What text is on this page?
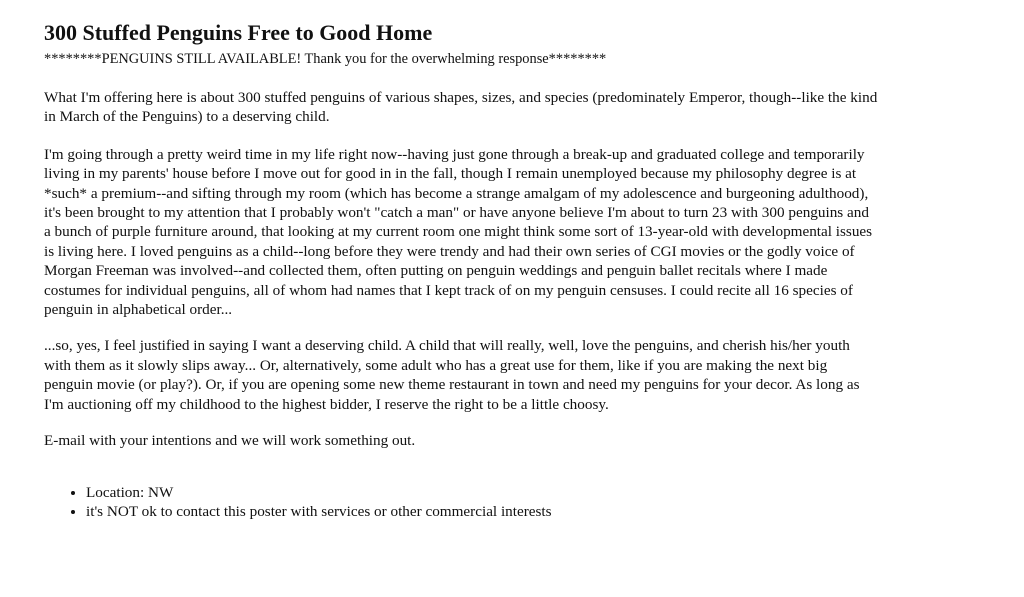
300 Stuffed Penguins Free to Good Home
********PENGUINS STILL AVAILABLE! Thank you for the overwhelming response********
What I'm offering here is about 300 stuffed penguins of various shapes, sizes, and species (predominately Emperor, though--like the kind in March of the Penguins) to a deserving child.
I'm going through a pretty weird time in my life right now--having just gone through a break-up and graduated college and temporarily living in my parents' house before I move out for good in in the fall, though I remain unemployed because my philosophy degree is at *such* a premium--and sifting through my room (which has become a strange amalgam of my adolescence and burgeoning adulthood), it's been brought to my attention that I probably won't "catch a man" or have anyone believe I'm about to turn 23 with 300 penguins and a bunch of purple furniture around, that looking at my current room one might think some sort of 13-year-old with developmental issues is living here. I loved penguins as a child--long before they were trendy and had their own series of CGI movies or the godly voice of Morgan Freeman was involved--and collected them, often putting on penguin weddings and penguin ballet recitals where I made costumes for individual penguins, all of whom had names that I kept track of on my penguin censuses. I could recite all 16 species of penguin in alphabetical order...
...so, yes, I feel justified in saying I want a deserving child. A child that will really, well, love the penguins, and cherish his/her youth with them as it slowly slips away... Or, alternatively, some adult who has a great use for them, like if you are making the next big penguin movie (or play?). Or, if you are opening some new theme restaurant in town and need my penguins for your decor. As long as I'm auctioning off my childhood to the highest bidder, I reserve the right to be a little choosy.
E-mail with your intentions and we will work something out.
• Location: NW
• it's NOT ok to contact this poster with services or other commercial interests
